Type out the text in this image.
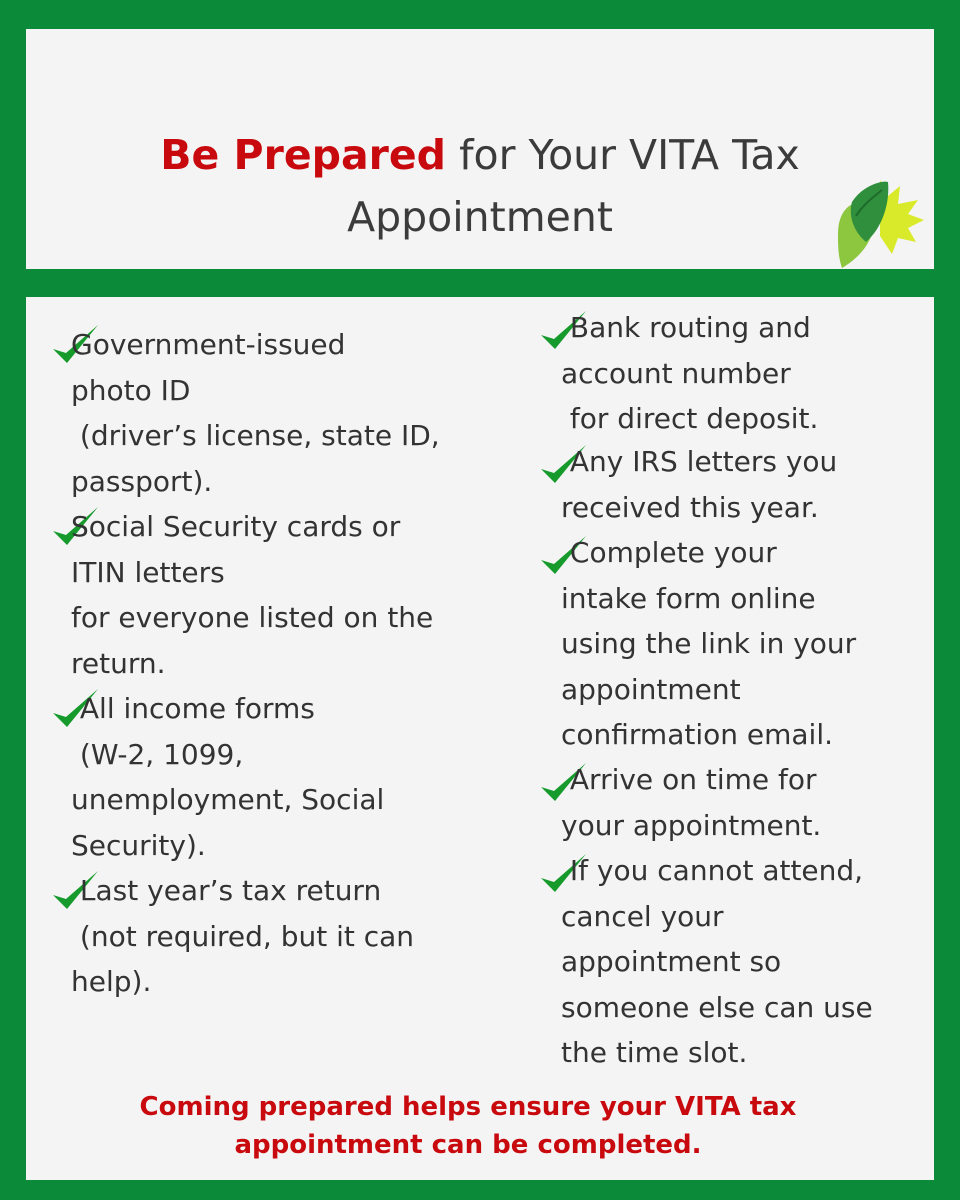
Be Prepared for Your VITA Tax
Appointment

Government-issued
photo ID
(driver’s license, state ID,
passport).

Social Security cards or
ITIN letters
for everyone listed on the
return.

All income forms
(W-2, 1099,
unemployment, Social
Security).

Last year’s tax return
(not required, but it can
help).

Bank routing and
account number
for direct deposit.

Any IRS letters you
received this year.

Complete your
intake form online
using the link in your
appointment
confirmation email.

Arrive on time for
your appointment.

If you cannot attend,
cancel your
appointment so
someone else can use
the time slot.

Coming prepared helps ensure your VITA tax
appointment can be completed.
